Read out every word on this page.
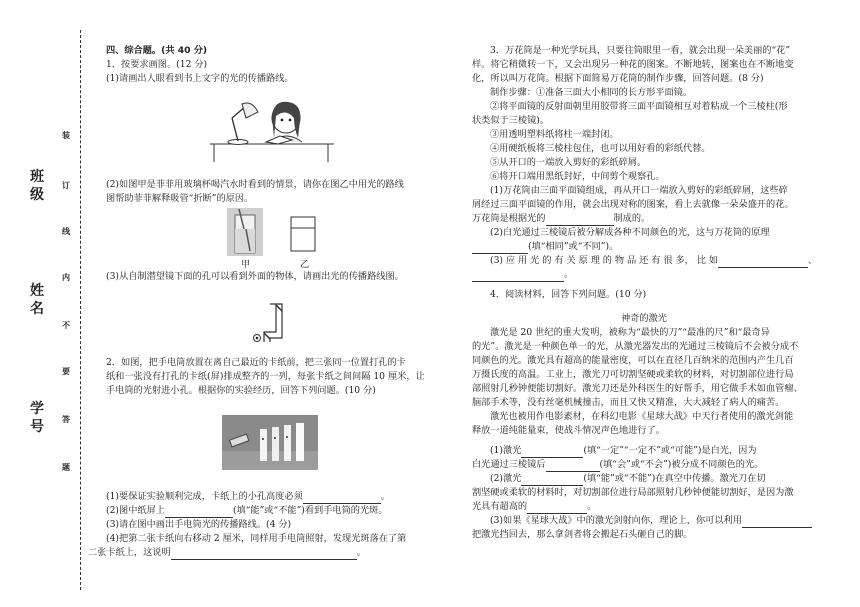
班
级
姓
名
学
号
装
订
线
内
不
要
答
题
四、综合题。(共 40 分)
1．按要求画图。(12 分)
(1)请画出人眼看到书上文字的光的传播路线。
(2)如图甲是菲菲用玻璃杯喝汽水时看到的情景，请你在图乙中用光的路线
图帮助菲菲解释吸管“折断”的原因。
甲	乙
(3)从自制潜望镜下面的孔可以看到外面的物体，请画出光的传播路线图。
2．如图，把手电筒放置在离自己最近的卡纸前，把三张同一位置打孔的卡
纸和一张没有打孔的卡纸(屏)排成整齐的一列，每张卡纸之间间隔 10 厘米，让
手电筒的光射进小孔。根据你的实验经历，回答下列问题。(10 分)
(1)要保证实验顺利完成，卡纸上的小孔高度必须	。
(2)图中纸屏上	(填“能”或“不能”)看到手电筒的光斑。
(3)请在图中画出手电筒光的传播路线。(4 分)
(4)把第二张卡纸向右移动 2 厘米，同样用手电筒照射，发现光斑落在了第
二张卡纸上，这说明	。
3．万花筒是一种光学玩具，只要往筒眼里一看，就会出现一朵美丽的“花”
样。将它稍微转一下，又会出现另一种花的图案。不断地转，图案也在不断地变
化，所以叫万花筒。根据下面简易万花筒的制作步骤，回答问题。(8 分)
制作步骤：①准备三面大小相同的长方形平面镜。
②将平面镜的反射面朝里用胶带将三面平面镜相互对着粘成一个三棱柱(形
状类似于三棱镜)。
③用透明塑料纸将柱一端封闭。
④用硬纸板将三棱柱包住，也可以用好看的彩纸代替。
⑤从开口的一端放入剪好的彩纸碎屑。
⑥将开口端用黑纸封好，中间剪个观察孔。
(1)万花筒由三面平面镜组成，再从开口一端放入剪好的彩纸碎屑，这些碎
屑经过三面平面镜的作用，就会出现对称的图案，看上去就像一朵朵盛开的花。
万花筒是根据光的	制成的。
(2)白光通过三棱镜后被分解成各种不同颜色的光，这与万花筒的原理
(填“相同”或“不同”)。
(3) 应 用 光 的 有 关 原 理 的 物 品 还 有 很 多， 比 如	、
。
4．阅读材料，回答下列问题。(10 分)
神奇的激光
激光是 20 世纪的重大发明，被称为“最快的刀”“最准的尺”和“最奇异
的光”。激光是一种颜色单一的光，从激光器发出的光通过三棱镜后不会被分成不
同颜色的光。激光具有超高的能量密度，可以在直径几百纳米的范围内产生几百
万摄氏度的高温。工业上，激光刀可切割坚硬或柔软的材料，对切割部位进行局
部照射几秒钟便能切割好。激光刀还是外科医生的好帮手，用它做手术如血管瘤、
脑部手术等，没有丝毫机械撞击，而且又快又精准，大大减轻了病人的痛苦。
激光也被用作电影素材，在科幻电影《星球大战》中天行者使用的激光剑能
释放一道纯能量束，使战斗情况声色地进行了。
(1)激光	(填“一定”“一定不”或“可能”)是白光，因为
白光通过三棱镜后	(填“会”或“不会”)被分成不同颜色的光。
(2)激光	(填“能”或“不能”)在真空中传播。激光刀在切
割坚硬或柔软的材料时，对切割部位进行局部照射几秒钟便能切割好，是因为激
光具有超高的	。
(3)如果《星球大战》中的激光剑射向你，理论上，你可以利用
把激光挡回去，那么拿剑者将会搬起石头砸自己的脚。
